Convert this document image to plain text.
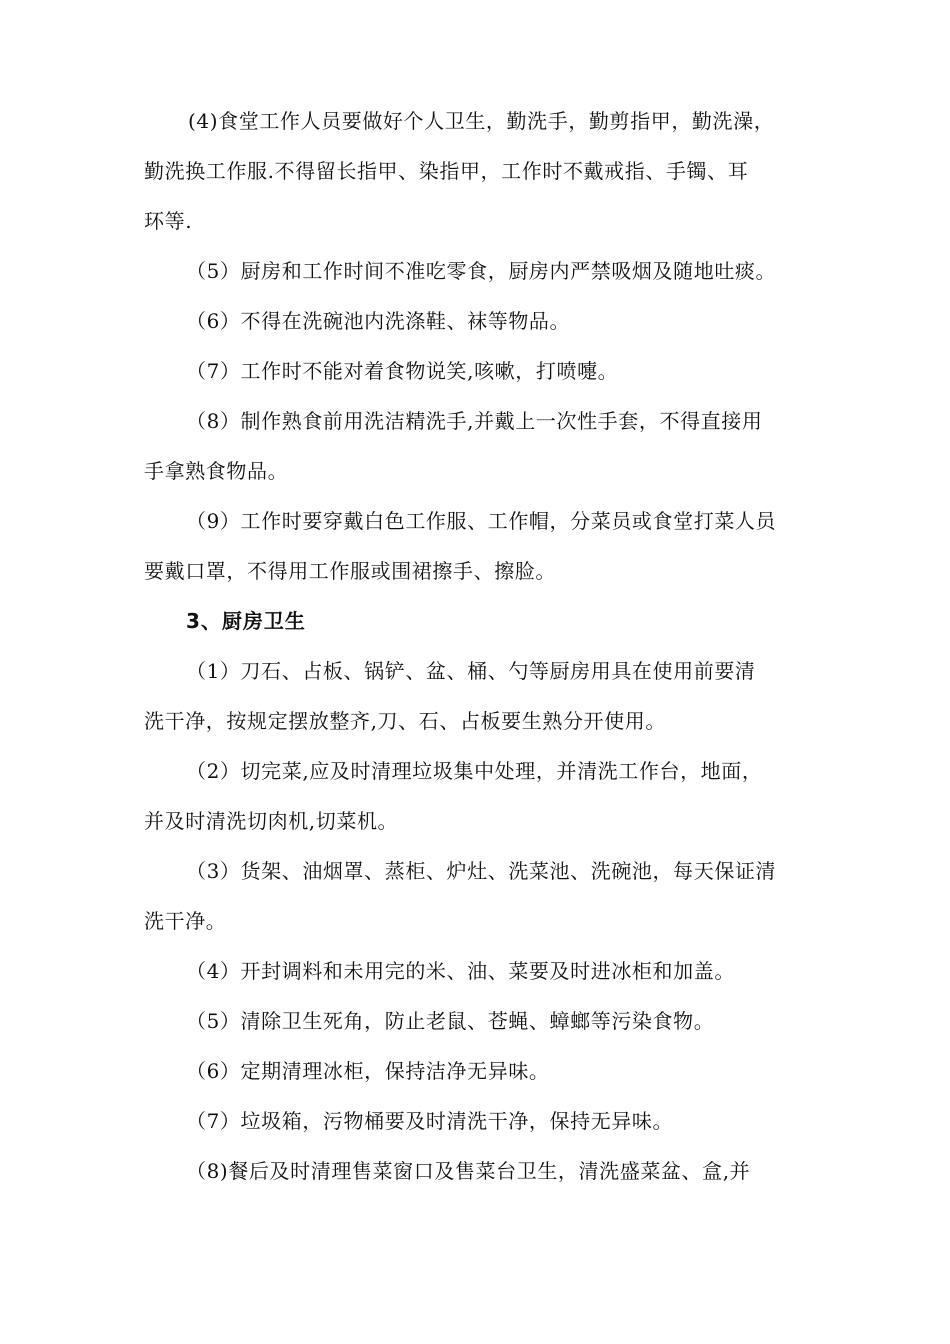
(4)食堂工作人员要做好个人卫生，勤洗手，勤剪指甲，勤洗澡，
勤洗换工作服.不得留长指甲、染指甲，工作时不戴戒指、手镯、耳
环等.
（5）厨房和工作时间不准吃零食，厨房内严禁吸烟及随地吐痰。
（6）不得在洗碗池内洗涤鞋、袜等物品。
（7）工作时不能对着食物说笑,咳嗽，打喷嚏。
（8）制作熟食前用洗洁精洗手,并戴上一次性手套，不得直接用
手拿熟食物品。
（9）工作时要穿戴白色工作服、工作帽，分菜员或食堂打菜人员
要戴口罩，不得用工作服或围裙擦手、擦脸。
3、厨房卫生
（1）刀石、占板、锅铲、盆、桶、勺等厨房用具在使用前要清
洗干净，按规定摆放整齐,刀、石、占板要生熟分开使用。
（2）切完菜,应及时清理垃圾集中处理，并清洗工作台，地面，
并及时清洗切肉机,切菜机。
（3）货架、油烟罩、蒸柜、炉灶、洗菜池、洗碗池，每天保证清
洗干净。
（4）开封调料和未用完的米、油、菜要及时进冰柜和加盖。
（5）清除卫生死角，防止老鼠、苍蝇、蟑螂等污染食物。
（6）定期清理冰柜，保持洁净无异味。
（7）垃圾箱，污物桶要及时清洗干净，保持无异味。
（8)餐后及时清理售菜窗口及售菜台卫生，清洗盛菜盆、盒,并
